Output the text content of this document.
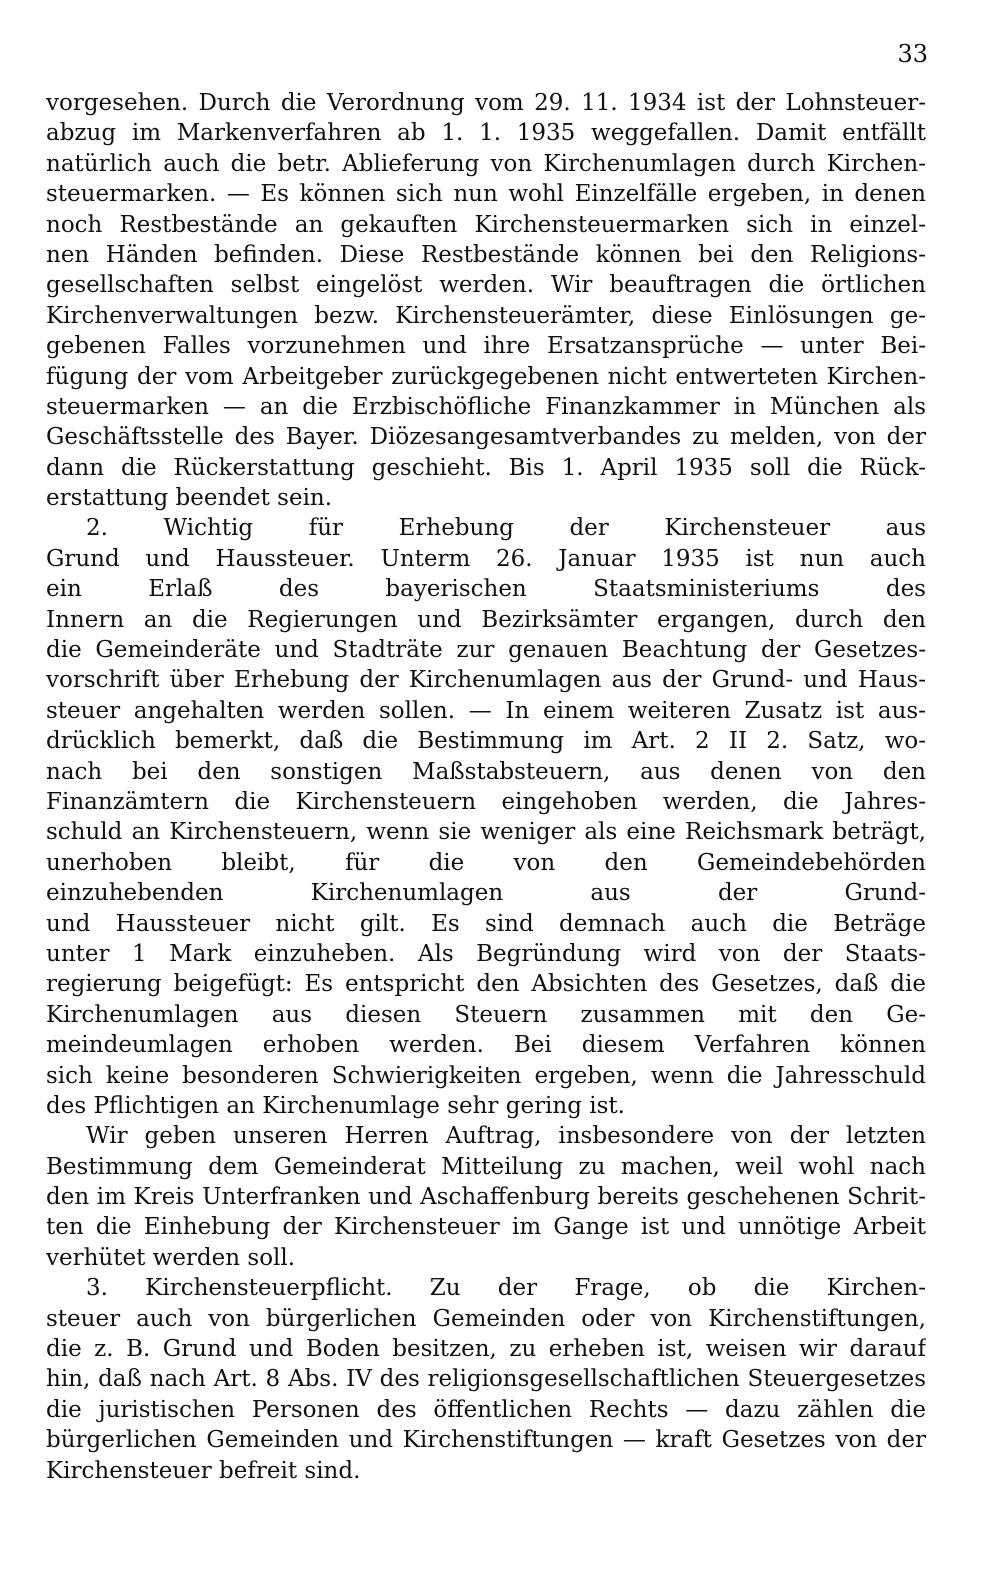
33
vorgesehen. Durch die Verordnung vom 29. 11. 1934 ist der Lohnsteuer-
abzug im Markenverfahren ab 1. 1. 1935 weggefallen. Damit entfällt
natürlich auch die betr. Ablieferung von Kirchenumlagen durch Kirchen-
steuermarken. — Es können sich nun wohl Einzelfälle ergeben, in denen
noch Restbestände an gekauften Kirchensteuermarken sich in einzel-
nen Händen befinden. Diese Restbestände können bei den Religions-
gesellschaften selbst eingelöst werden. Wir beauftragen die örtlichen
Kirchenverwaltungen bezw. Kirchensteuerämter, diese Einlösungen ge-
gebenen Falles vorzunehmen und ihre Ersatzansprüche — unter Bei-
fügung der vom Arbeitgeber zurückgegebenen nicht entwerteten Kirchen-
steuermarken — an die Erzbischöfliche Finanzkammer in München als
Geschäftsstelle des Bayer. Diözesangesamtverbandes zu melden, von der
dann die Rückerstattung geschieht. Bis 1. April 1935 soll die Rück-
erstattung beendet sein.
2. Wichtig für Erhebung der Kirchensteuer aus
Grund und Haussteuer. Unterm 26. Januar 1935 ist nun auch
ein Erlaß des bayerischen Staatsministeriums des
Innern an die Regierungen und Bezirksämter ergangen, durch den
die Gemeinderäte und Stadträte zur genauen Beachtung der Gesetzes-
vorschrift über Erhebung der Kirchenumlagen aus der Grund- und Haus-
steuer angehalten werden sollen. — In einem weiteren Zusatz ist aus-
drücklich bemerkt, daß die Bestimmung im Art. 2 II 2. Satz, wo-
nach bei den sonstigen Maßstabsteuern, aus denen von den
Finanzämtern die Kirchensteuern eingehoben werden, die Jahres-
schuld an Kirchensteuern, wenn sie weniger als eine Reichsmark beträgt,
unerhoben bleibt, für die von den Gemeindebehörden
einzuhebenden Kirchenumlagen aus der Grund-
und Haussteuer nicht gilt. Es sind demnach auch die Beträge
unter 1 Mark einzuheben. Als Begründung wird von der Staats-
regierung beigefügt: Es entspricht den Absichten des Gesetzes, daß die
Kirchenumlagen aus diesen Steuern zusammen mit den Ge-
meindeumlagen erhoben werden. Bei diesem Verfahren können
sich keine besonderen Schwierigkeiten ergeben, wenn die Jahresschuld
des Pflichtigen an Kirchenumlage sehr gering ist.
Wir geben unseren Herren Auftrag, insbesondere von der letzten
Bestimmung dem Gemeinderat Mitteilung zu machen, weil wohl nach
den im Kreis Unterfranken und Aschaffenburg bereits geschehenen Schrit-
ten die Einhebung der Kirchensteuer im Gange ist und unnötige Arbeit
verhütet werden soll.
3. Kirchensteuerpflicht. Zu der Frage, ob die Kirchen-
steuer auch von bürgerlichen Gemeinden oder von Kirchenstiftungen,
die z. B. Grund und Boden besitzen, zu erheben ist, weisen wir darauf
hin, daß nach Art. 8 Abs. IV des religionsgesellschaftlichen Steuergesetzes
die juristischen Personen des öffentlichen Rechts — dazu zählen die
bürgerlichen Gemeinden und Kirchenstiftungen — kraft Gesetzes von der
Kirchensteuer befreit sind.
